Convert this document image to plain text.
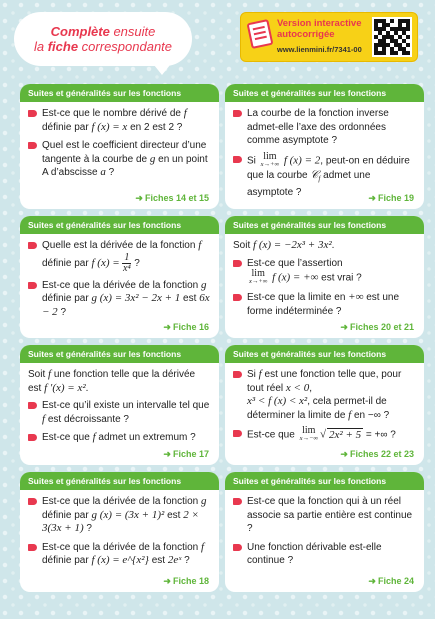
Complète ensuite
la fiche correspondante
Version interactive autocorrigée
www.lienmini.fr/7341-00
Suites et généralités sur les fonctions
Est-ce que le nombre dérivé de f définie par f (x) = x en 2 est 2 ?
Quel est le coefficient directeur d’une tangente à la courbe de g en un point A d’abscisse a ?
➜ Fiches 14 et 15
Suites et généralités sur les fonctions
La courbe de la fonction inverse admet-elle l’axe des ordonnées comme asymptote ?
Si lim
x→+∞ f (x) = 2, peut-on en déduire que la courbe 𝒞$_f$ admet une asymptote ?	➜ Fiche 19
Suites et généralités sur les fonctions
Quelle est la dérivée de la fonction f définie par f $(x) = \frac{1}{\text{x⁴}}$ ?
Est-ce que la dérivée de la fonction g définie par g (x) = 3x² − 2x + 1 est 6x − 2 ?
➜ Fiche 16
Suites et généralités sur les fonctions
Soit f (x) = −2x³ + 3x².
Est-ce que l’assertion

lim
x→+∞ f (x) = +∞ est vrai ?
Est-ce que la limite en +∞ est une forme indéterminée ?
➜ Fiches 20 et 21
Suites et généralités sur les fonctions
Soit f une fonction telle que la dérivée est f ′(x) = x².
Est-ce qu’il existe un intervalle tel que f est décroissante ?
Est-ce que f admet un extremum ?
➜ Fiche 17
Suites et généralités sur les fonctions
Si f est une fonction telle que, pour tout réel x < 0,
x³ < f (x) < x², cela permet-il de déterminer la limite de f en −∞ ?
Est-ce que lim
x→−∞ √ 2x² + 5 = +∞ ?
➜ Fiches 22 et 23
Suites et généralités sur les fonctions
Est-ce que la dérivée de la fonction g définie par g (x) = (3x + 1)² est 2 × 3(3x + 1) ?
Est-ce que la dérivée de la fonction f définie par f (x) = e^{x²} est 2eˣ ?
➜ Fiche 18
Suites et généralités sur les fonctions
Est-ce que la fonction qui à un réel associe sa partie entière est continue ?
Une fonction dérivable est-elle continue ?
➜ Fiche 24
